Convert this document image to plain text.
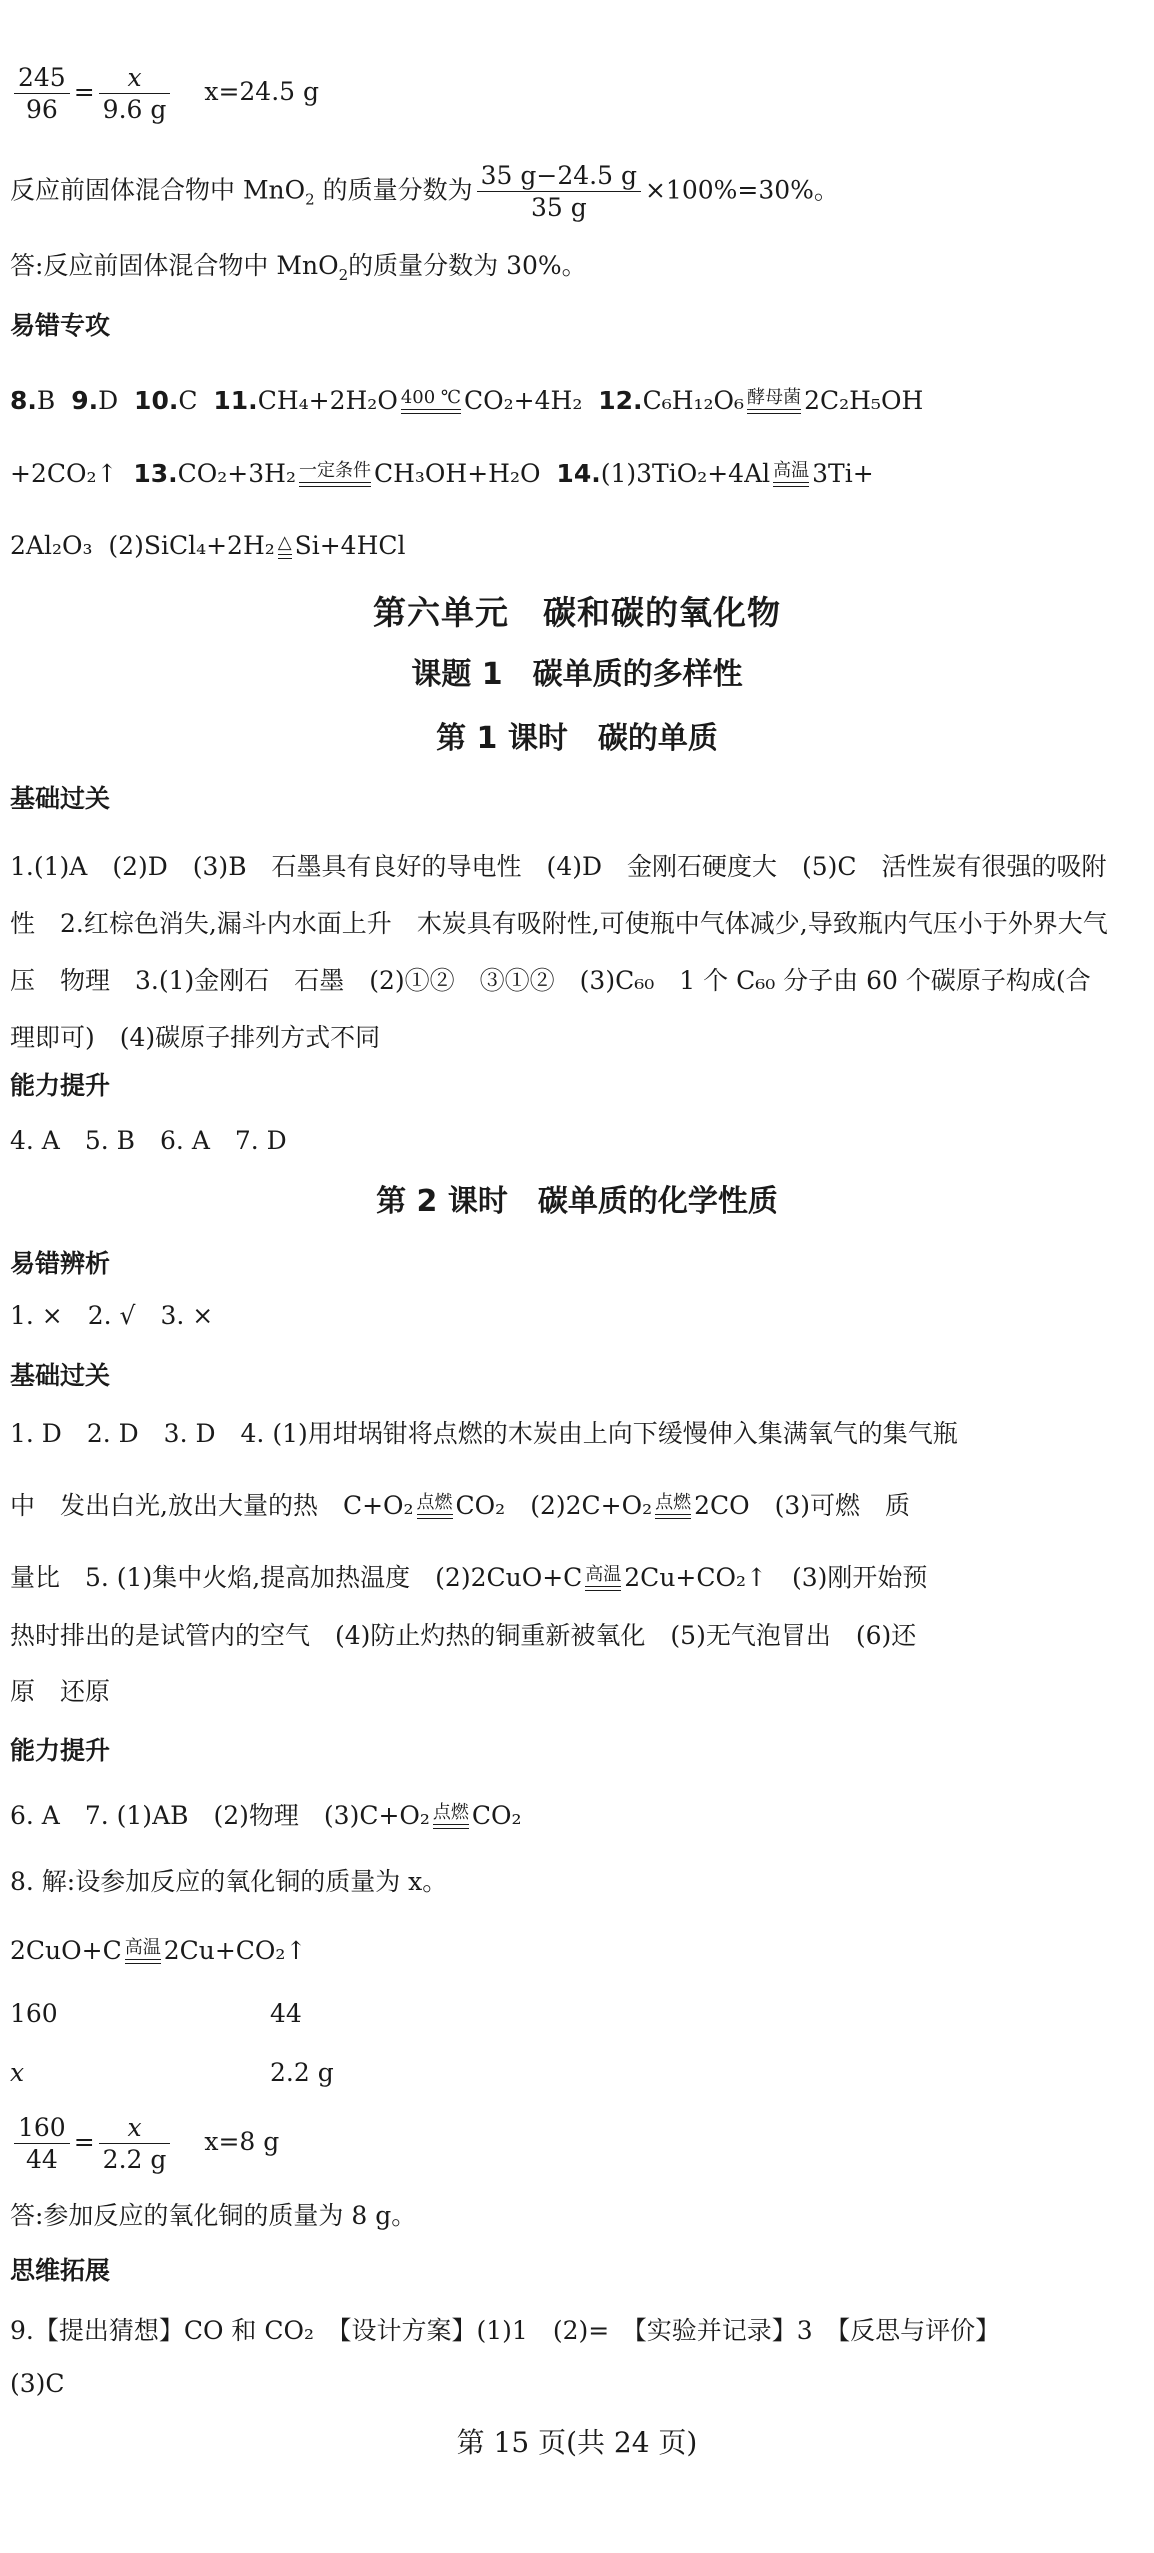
$\frac{245}{96} = \frac{x}{9.6 g} x=24.5$ g
反应前固体混合物中 MnO$_2$ 的质量分数为 $\frac{35 g-24.5 g}{35 g} \times 100\%=30\%$。
答:反应前固体混合物中 MnO$_2$的质量分数为 30%。
易错专攻
8.B 9.D 10.C 11.CH₄+2H₂O 400 ℃ CO₂+4H₂ 12.C₆H₁₂O₆ 酵母菌 2C₂H₅OH
+2CO₂↑ 13.CO₂+3H₂ 一定条件 CH₃OH+H₂O 14.(1)3TiO₂+4Al 高温 3Ti+
2Al₂O₃ (2)SiCl₄+2H₂ △ Si+4HCl
第六单元　碳和碳的氧化物
课题 1　碳单质的多样性
第 1 课时　碳的单质
基础过关
1.(1)A　(2)D　(3)B　石墨具有良好的导电性　(4)D　金刚石硬度大　(5)C　活性炭有很强的吸附性　2.红棕色消失,漏斗内水面上升　木炭具有吸附性,可使瓶中气体减少,导致瓶内气压小于外界大气压　物理　3.(1)金刚石　石墨　(2)①②　③①②　(3)C₆₀　1 个 C₆₀ 分子由 60 个碳原子构成(合理即可)　(4)碳原子排列方式不同
能力提升
4. A　5. B　6. A　7. D
第 2 课时　碳单质的化学性质
易错辨析
1. ×　2. √　3. ×
基础过关
1. D　2. D　3. D　4. (1)用坩埚钳将点燃的木炭由上向下缓慢伸入集满氧气的集气瓶
中　发出白光,放出大量的热　C+O₂ 点燃 CO₂　(2)2C+O₂ 点燃 2CO　(3)可燃　质
量比　5. (1)集中火焰,提高加热温度　(2)2CuO+C 高温 2Cu+CO₂↑　(3)刚开始预
热时排出的是试管内的空气　(4)防止灼热的铜重新被氧化　(5)无气泡冒出　(6)还
原　还原
能力提升
6. A　7. (1)AB　(2)物理　(3)C+O₂ 点燃 CO₂
8. 解:设参加反应的氧化铜的质量为 x。
2CuO+C 高温 2Cu+CO₂↑
160	44
x	2.2 g
$\frac{160}{44} = \frac{x}{2.2 g} x=8$ g
答:参加反应的氧化铜的质量为 8 g。
思维拓展
9.【提出猜想】CO 和 CO₂　【设计方案】(1)1　(2)=　【实验并记录】3　【反思与评价】
(3)C
第 15 页(共 24 页)
